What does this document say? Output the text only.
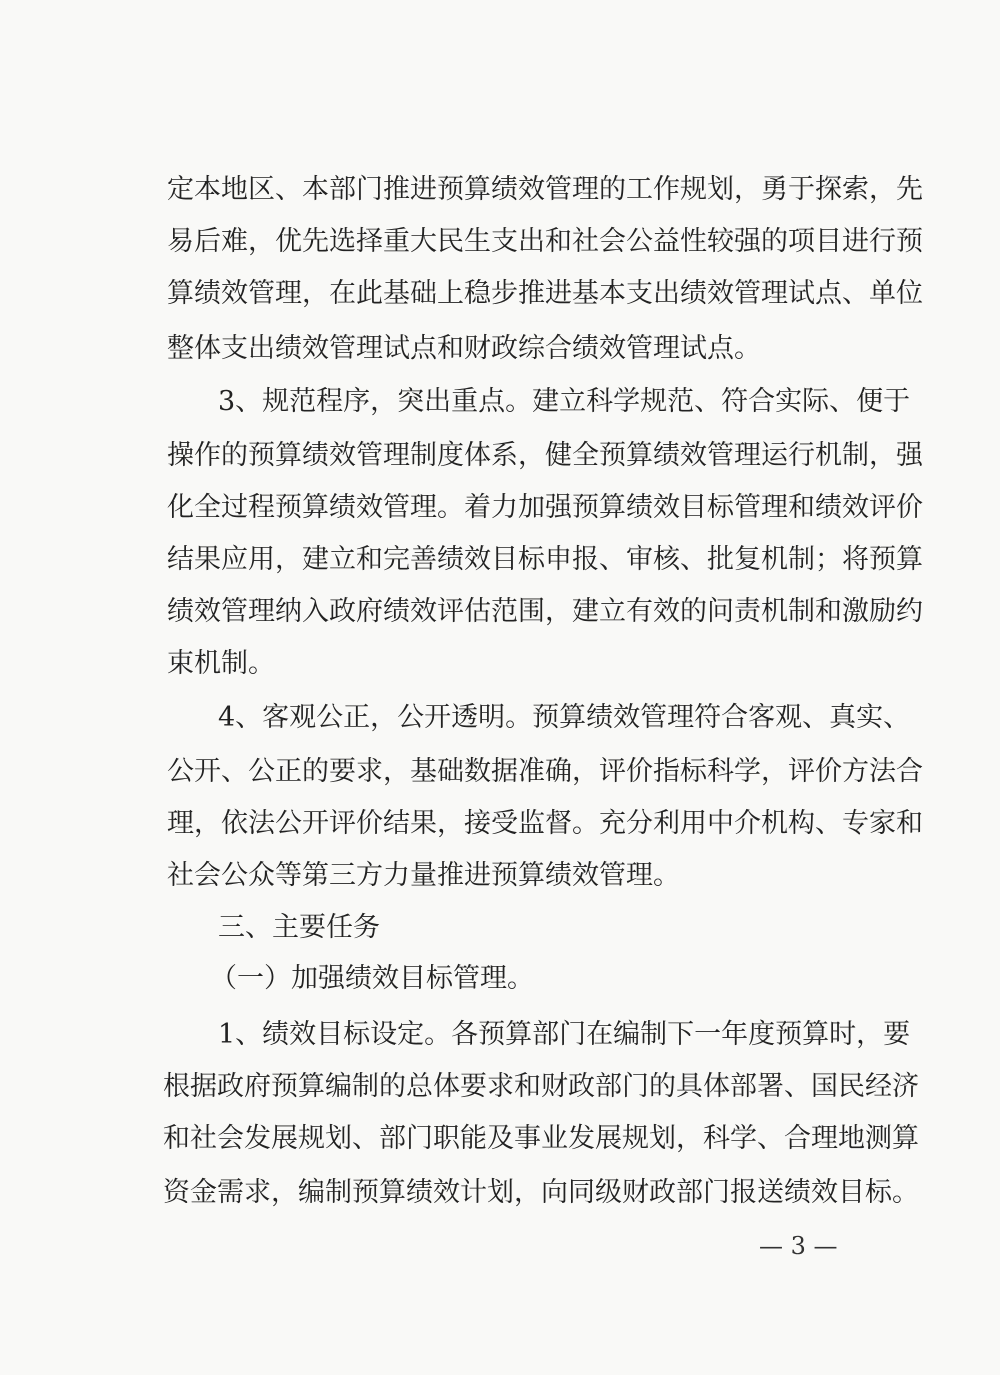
定本地区、本部门推进预算绩效管理的工作规划，勇于探索，先
易后难，优先选择重大民生支出和社会公益性较强的项目进行预
算绩效管理，在此基础上稳步推进基本支出绩效管理试点、单位
整体支出绩效管理试点和财政综合绩效管理试点。
3、规范程序，突出重点。建立科学规范、符合实际、便于
操作的预算绩效管理制度体系，健全预算绩效管理运行机制，强
化全过程预算绩效管理。着力加强预算绩效目标管理和绩效评价
结果应用，建立和完善绩效目标申报、审核、批复机制；将预算
绩效管理纳入政府绩效评估范围，建立有效的问责机制和激励约
束机制。
4、客观公正，公开透明。预算绩效管理符合客观、真实、
公开、公正的要求，基础数据准确，评价指标科学，评价方法合
理，依法公开评价结果，接受监督。充分利用中介机构、专家和
社会公众等第三方力量推进预算绩效管理。
三、主要任务
（一）加强绩效目标管理。
1、绩效目标设定。各预算部门在编制下一年度预算时，要
根据政府预算编制的总体要求和财政部门的具体部署、国民经济
和社会发展规划、部门职能及事业发展规划，科学、合理地测算
资金需求，编制预算绩效计划，向同级财政部门报送绩效目标。
— 3 —
